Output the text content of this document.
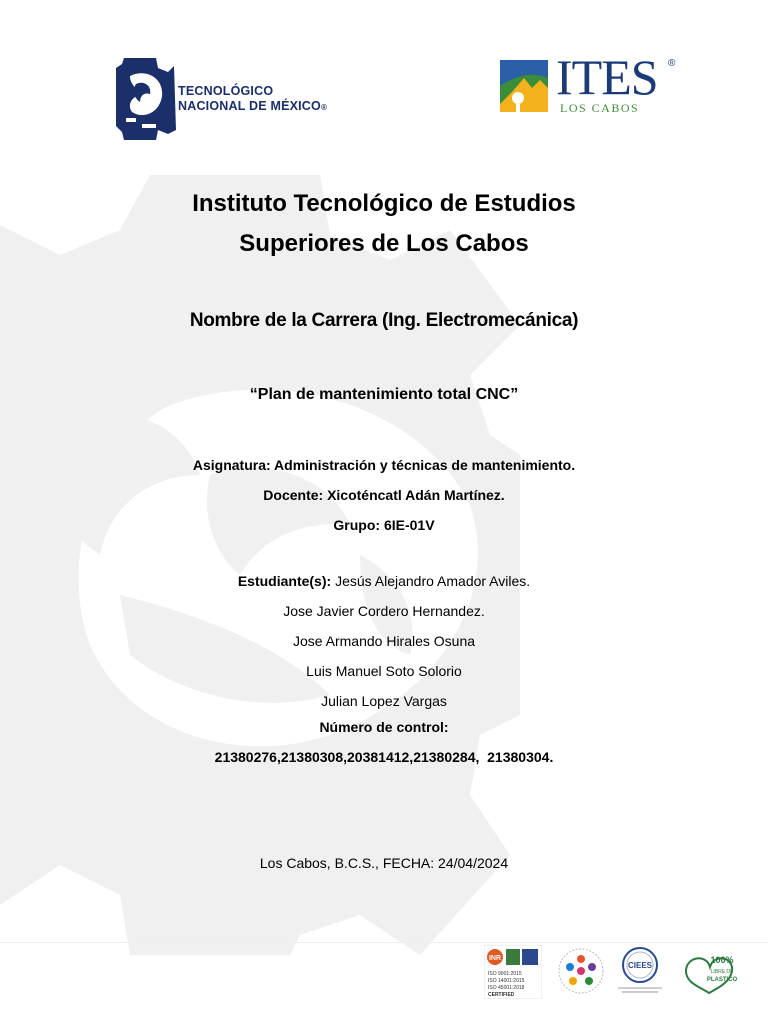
TECNOLÓGICO
NACIONAL DE MÉXICO®
ITES ®
LOS CABOS
Instituto Tecnológico de Estudios
Superiores de Los Cabos
Nombre de la Carrera (Ing. Electromecánica)
“Plan de mantenimiento total CNC”
Asignatura: Administración y técnicas de mantenimiento.
Docente: Xicoténcatl Adán Martínez.
Grupo: 6IE-01V
Estudiante(s): Jesús Alejandro Amador Aviles.
Jose Javier Cordero Hernandez.
Jose Armando Hirales Osuna
Luis Manuel Soto Solorio
Julian Lopez Vargas
Número de control:
21380276,21380308,20381412,21380284,  21380304.
Los Cabos, B.C.S., FECHA: 24/04/2024
INR
ISO 9001:2015
ISO 14001:2015
ISO 45001:2018
CERTIFIED
CIEES
100%
LIBRE DE
PLASTICO
